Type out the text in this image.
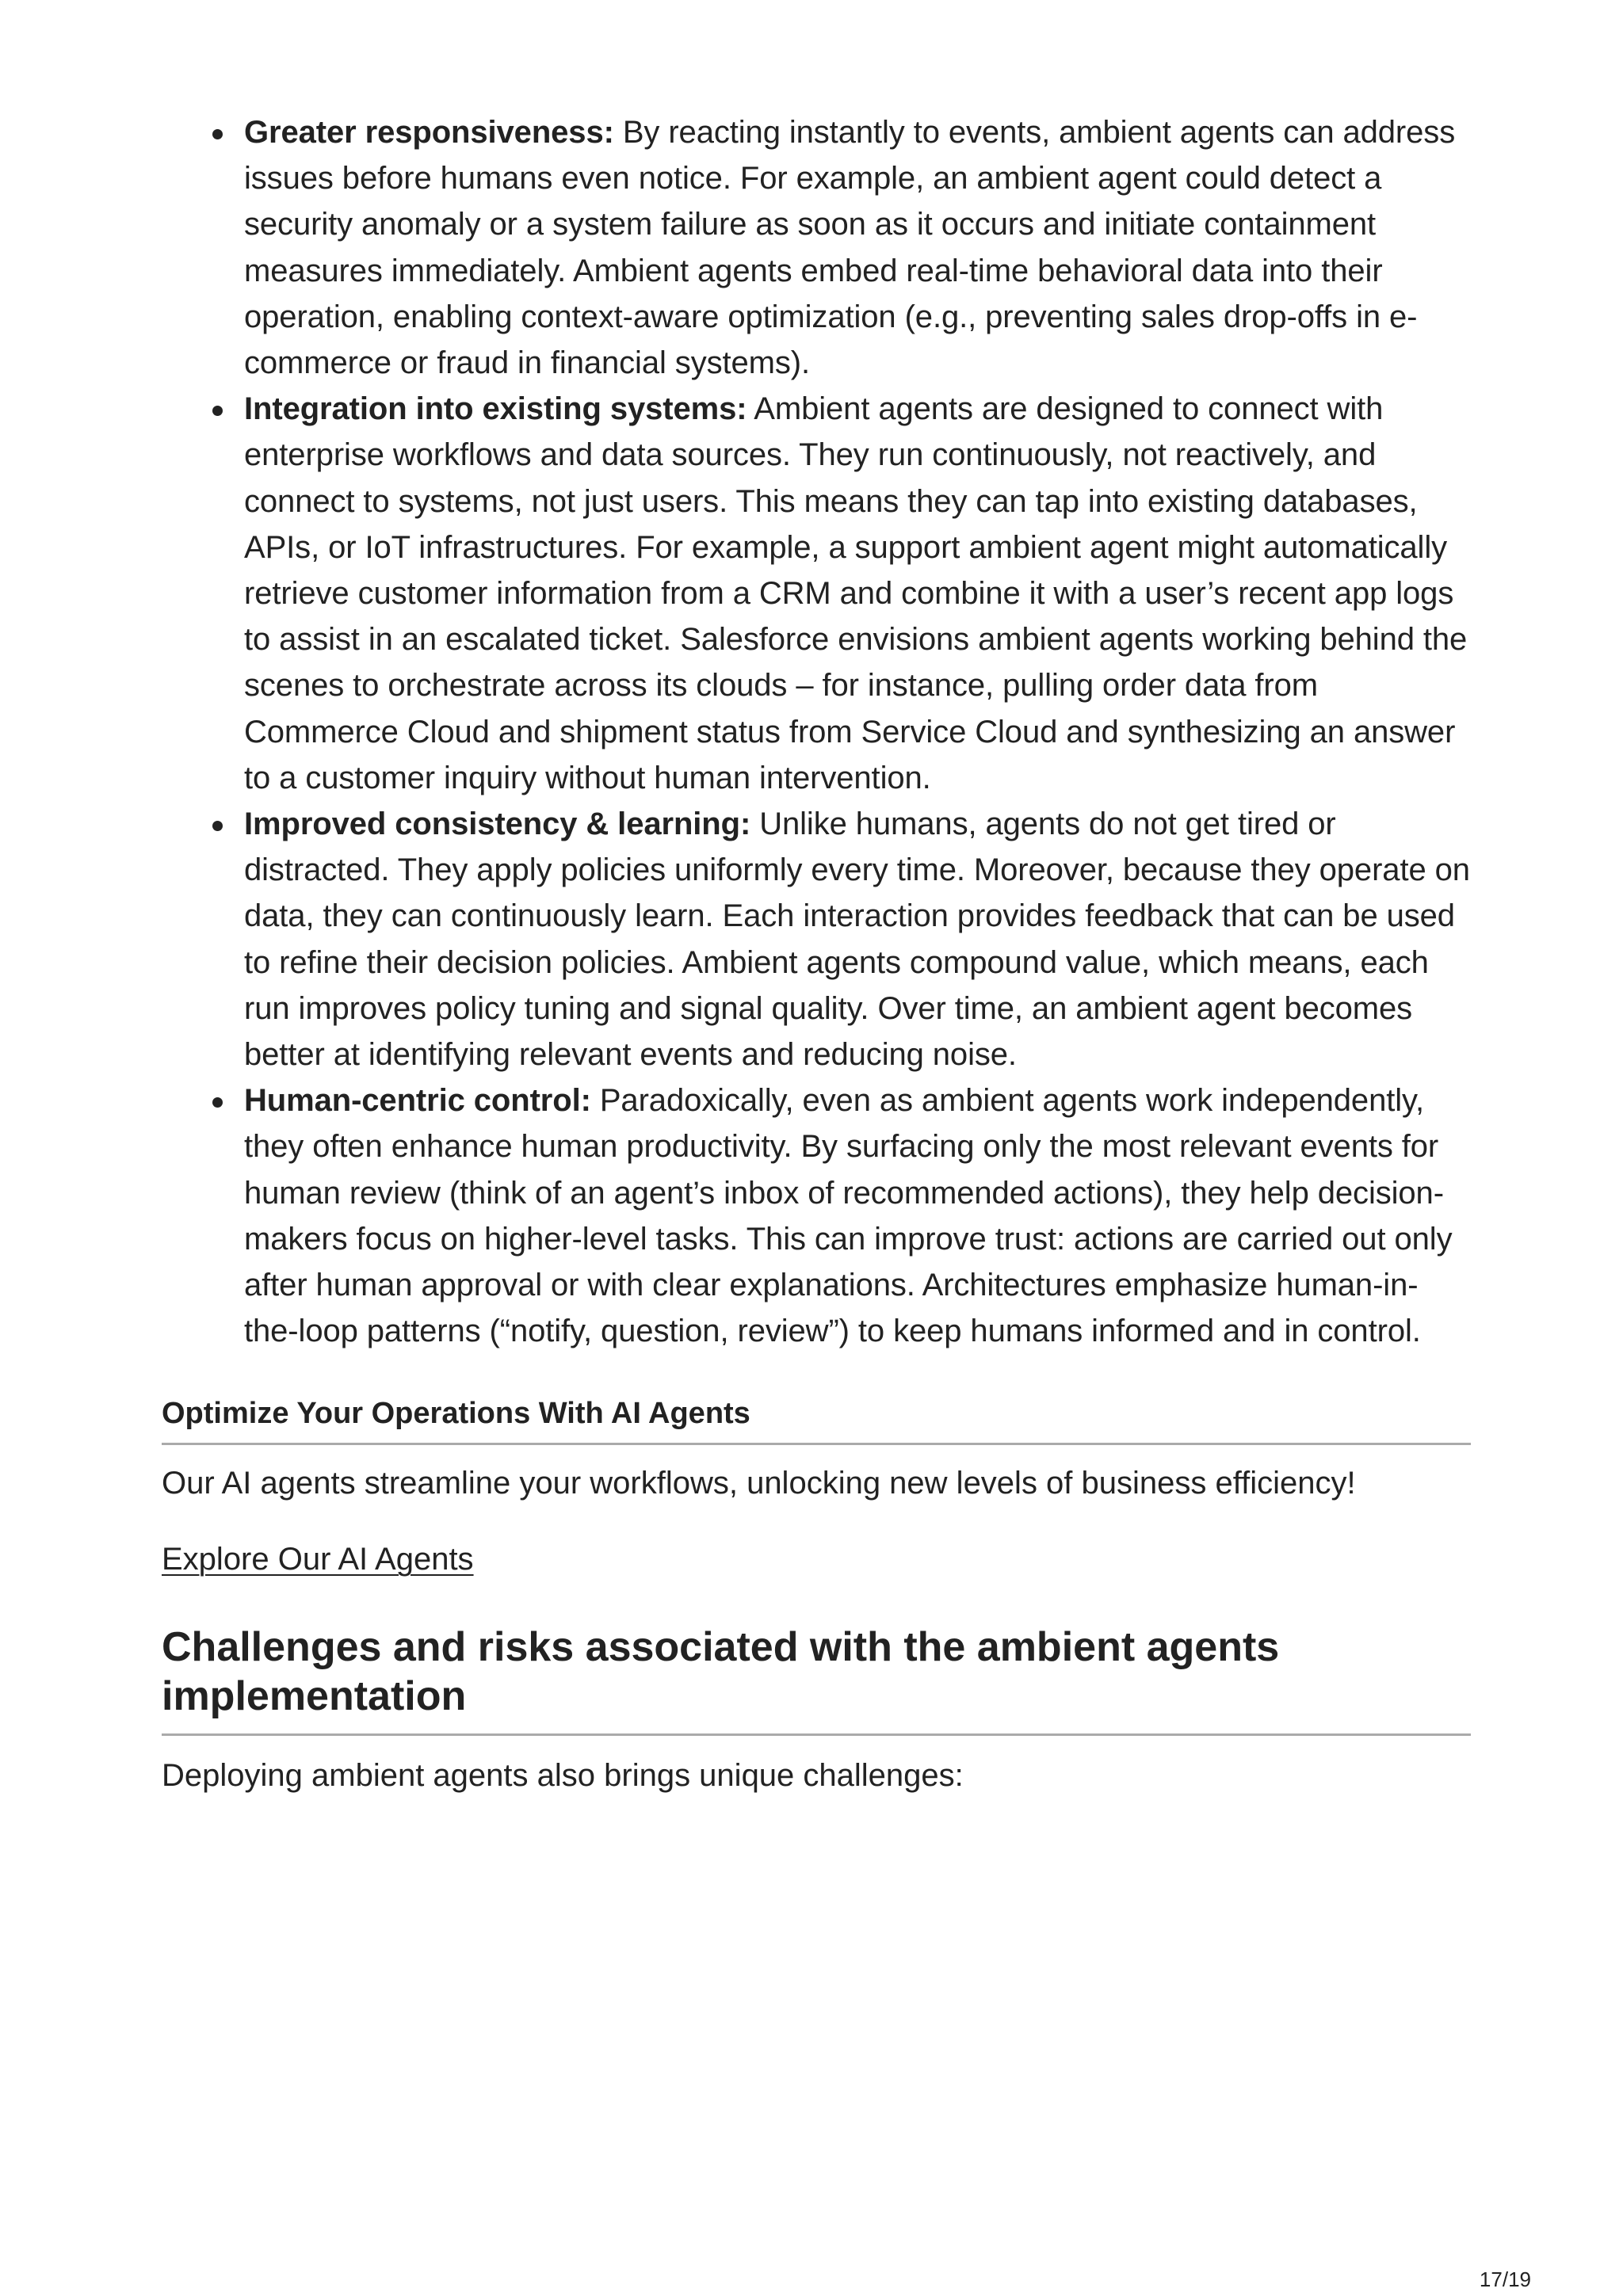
Greater responsiveness: By reacting instantly to events, ambient agents can address issues before humans even notice. For example, an ambient agent could detect a security anomaly or a system failure as soon as it occurs and initiate containment measures immediately. Ambient agents embed real-time behavioral data into their operation, enabling context-aware optimization (e.g., preventing sales drop-offs in e-commerce or fraud in financial systems).
Integration into existing systems: Ambient agents are designed to connect with enterprise workflows and data sources. They run continuously, not reactively, and connect to systems, not just users. This means they can tap into existing databases, APIs, or IoT infrastructures. For example, a support ambient agent might automatically retrieve customer information from a CRM and combine it with a user’s recent app logs to assist in an escalated ticket. Salesforce envisions ambient agents working behind the scenes to orchestrate across its clouds – for instance, pulling order data from Commerce Cloud and shipment status from Service Cloud and synthesizing an answer to a customer inquiry without human intervention.
Improved consistency & learning: Unlike humans, agents do not get tired or distracted. They apply policies uniformly every time. Moreover, because they operate on data, they can continuously learn. Each interaction provides feedback that can be used to refine their decision policies. Ambient agents compound value, which means, each run improves policy tuning and signal quality. Over time, an ambient agent becomes better at identifying relevant events and reducing noise.
Human-centric control: Paradoxically, even as ambient agents work independently, they often enhance human productivity. By surfacing only the most relevant events for human review (think of an agent’s inbox of recommended actions), they help decision-makers focus on higher-level tasks. This can improve trust: actions are carried out only after human approval or with clear explanations. Architectures emphasize human-in-the-loop patterns (“notify, question, review”) to keep humans informed and in control.
Optimize Your Operations With AI Agents
Our AI agents streamline your workflows, unlocking new levels of business efficiency!
Explore Our AI Agents
Challenges and risks associated with the ambient agents implementation
Deploying ambient agents also brings unique challenges:
17/19
